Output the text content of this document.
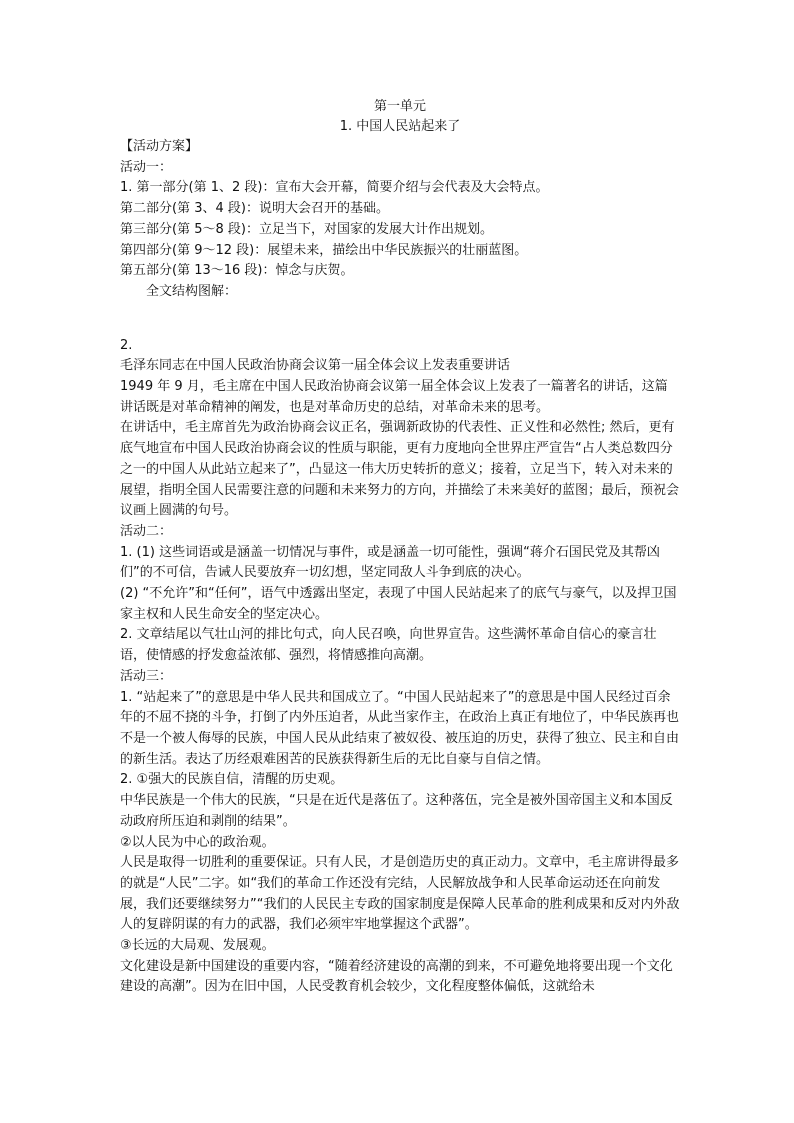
第一单元

1. 中国人民站起来了

【活动方案】

活动一：

1. 第一部分(第 1、2 段)：宣布大会开幕，简要介绍与会代表及大会特点。

第二部分(第 3、4 段)：说明大会召开的基础。

第三部分(第 5～8 段)：立足当下，对国家的发展大计作出规划。

第四部分(第 9～12 段)：展望未来，描绘出中华民族振兴的壮丽蓝图。

第五部分(第 13～16 段)：悼念与庆贺。

全文结构图解：

2.

毛泽东同志在中国人民政治协商会议第一届全体会议上发表重要讲话

1949 年 9 月，毛主席在中国人民政治协商会议第一届全体会议上发表了一篇著名的讲话，这篇讲话既是对革命精神的阐发，也是对革命历史的总结，对革命未来的思考。

在讲话中，毛主席首先为政治协商会议正名，强调新政协的代表性、正义性和必然性; 然后，更有底气地宣布中国人民政治协商会议的性质与职能，更有力度地向全世界庄严宣告“占人类总数四分之一的中国人从此站立起来了”，凸显这一伟大历史转折的意义；接着，立足当下，转入对未来的展望，指明全国人民需要注意的问题和未来努力的方向，并描绘了未来美好的蓝图；最后，预祝会议画上圆满的句号。

活动二：

1. (1) 这些词语或是涵盖一切情况与事件，或是涵盖一切可能性，强调“蒋介石国民党及其帮凶们”的不可信，告诫人民要放弃一切幻想，坚定同敌人斗争到底的决心。

(2) “不允许”和“任何”，语气中透露出坚定，表现了中国人民站起来了的底气与豪气，以及捍卫国家主权和人民生命安全的坚定决心。

2. 文章结尾以气壮山河的排比句式，向人民召唤，向世界宣告。这些满怀革命自信心的豪言壮语，使情感的抒发愈益浓郁、强烈，将情感推向高潮。

活动三：

1. “站起来了”的意思是中华人民共和国成立了。“中国人民站起来了”的意思是中国人民经过百余年的不屈不挠的斗争，打倒了内外压迫者，从此当家作主，在政治上真正有地位了，中华民族再也不是一个被人侮辱的民族，中国人民从此结束了被奴役、被压迫的历史，获得了独立、民主和自由的新生活。表达了历经艰难困苦的民族获得新生后的无比自豪与自信之情。

2. ①强大的民族自信，清醒的历史观。

中华民族是一个伟大的民族，“只是在近代是落伍了。这种落伍，完全是被外国帝国主义和本国反动政府所压迫和剥削的结果”。

②以人民为中心的政治观。

人民是取得一切胜利的重要保证。只有人民，才是创造历史的真正动力。文章中，毛主席讲得最多的就是“人民”二字。如“我们的革命工作还没有完结，人民解放战争和人民革命运动还在向前发展，我们还要继续努力”“我们的人民民主专政的国家制度是保障人民革命的胜利成果和反对内外敌人的复辟阴谋的有力的武器，我们必须牢牢地掌握这个武器”。

③长远的大局观、发展观。

文化建设是新中国建设的重要内容，“随着经济建设的高潮的到来，不可避免地将要出现一个文化建设的高潮”。因为在旧中国，人民受教育机会较少，文化程度整体偏低，这就给未
